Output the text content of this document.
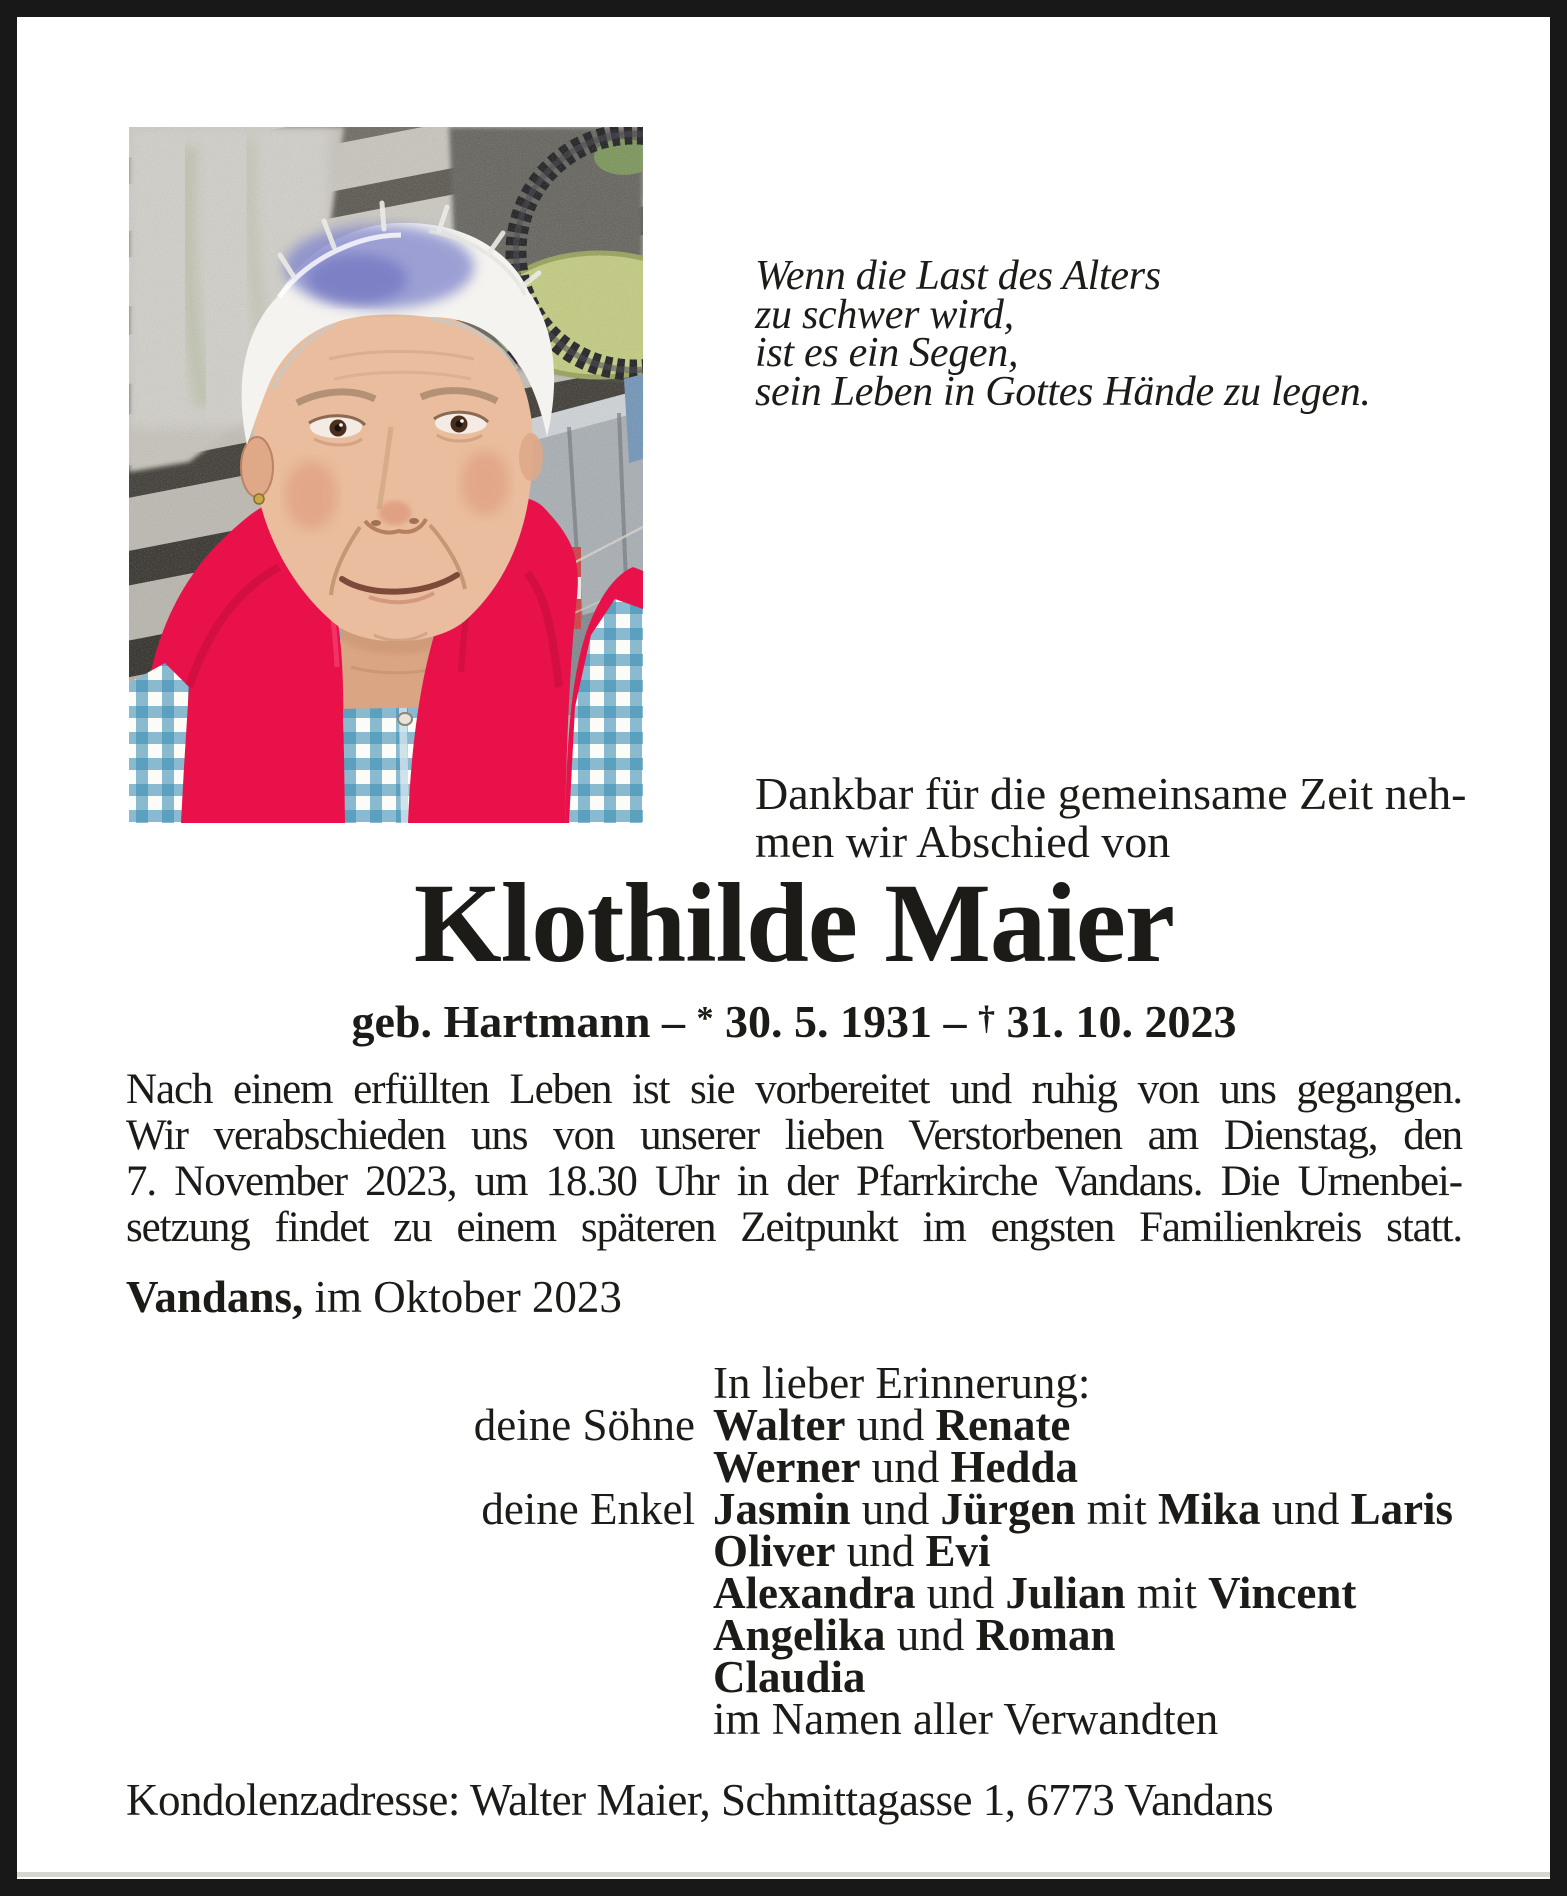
Wenn die Last des Alters
zu schwer wird,
ist es ein Segen,
sein Leben in Gottes Hände zu legen.
Dankbar für die gemeinsame Zeit neh-
men wir Abschied von
Klothilde Maier
geb. Hartmann – * 30. 5. 1931 – † 31. 10. 2023
Nach einem erfüllten Leben ist sie vorbereitet und ruhig von uns gegangen.
Wir verabschieden uns von unserer lieben Verstorbenen am Dienstag, den
7. November 2023, um 18.30 Uhr in der Pfarrkirche Vandans. Die Urnenbei-
setzung findet zu einem späteren Zeitpunkt im engsten Familienkreis statt.
Vandans, im Oktober 2023
In lieber Erinnerung:
deine Söhne Walter und Renate
Werner und Hedda
deine Enkel Jasmin und Jürgen mit Mika und Laris
Oliver und Evi
Alexandra und Julian mit Vincent
Angelika und Roman
Claudia
im Namen aller Verwandten
Kondolenzadresse: Walter Maier, Schmittagasse 1, 6773 Vandans
